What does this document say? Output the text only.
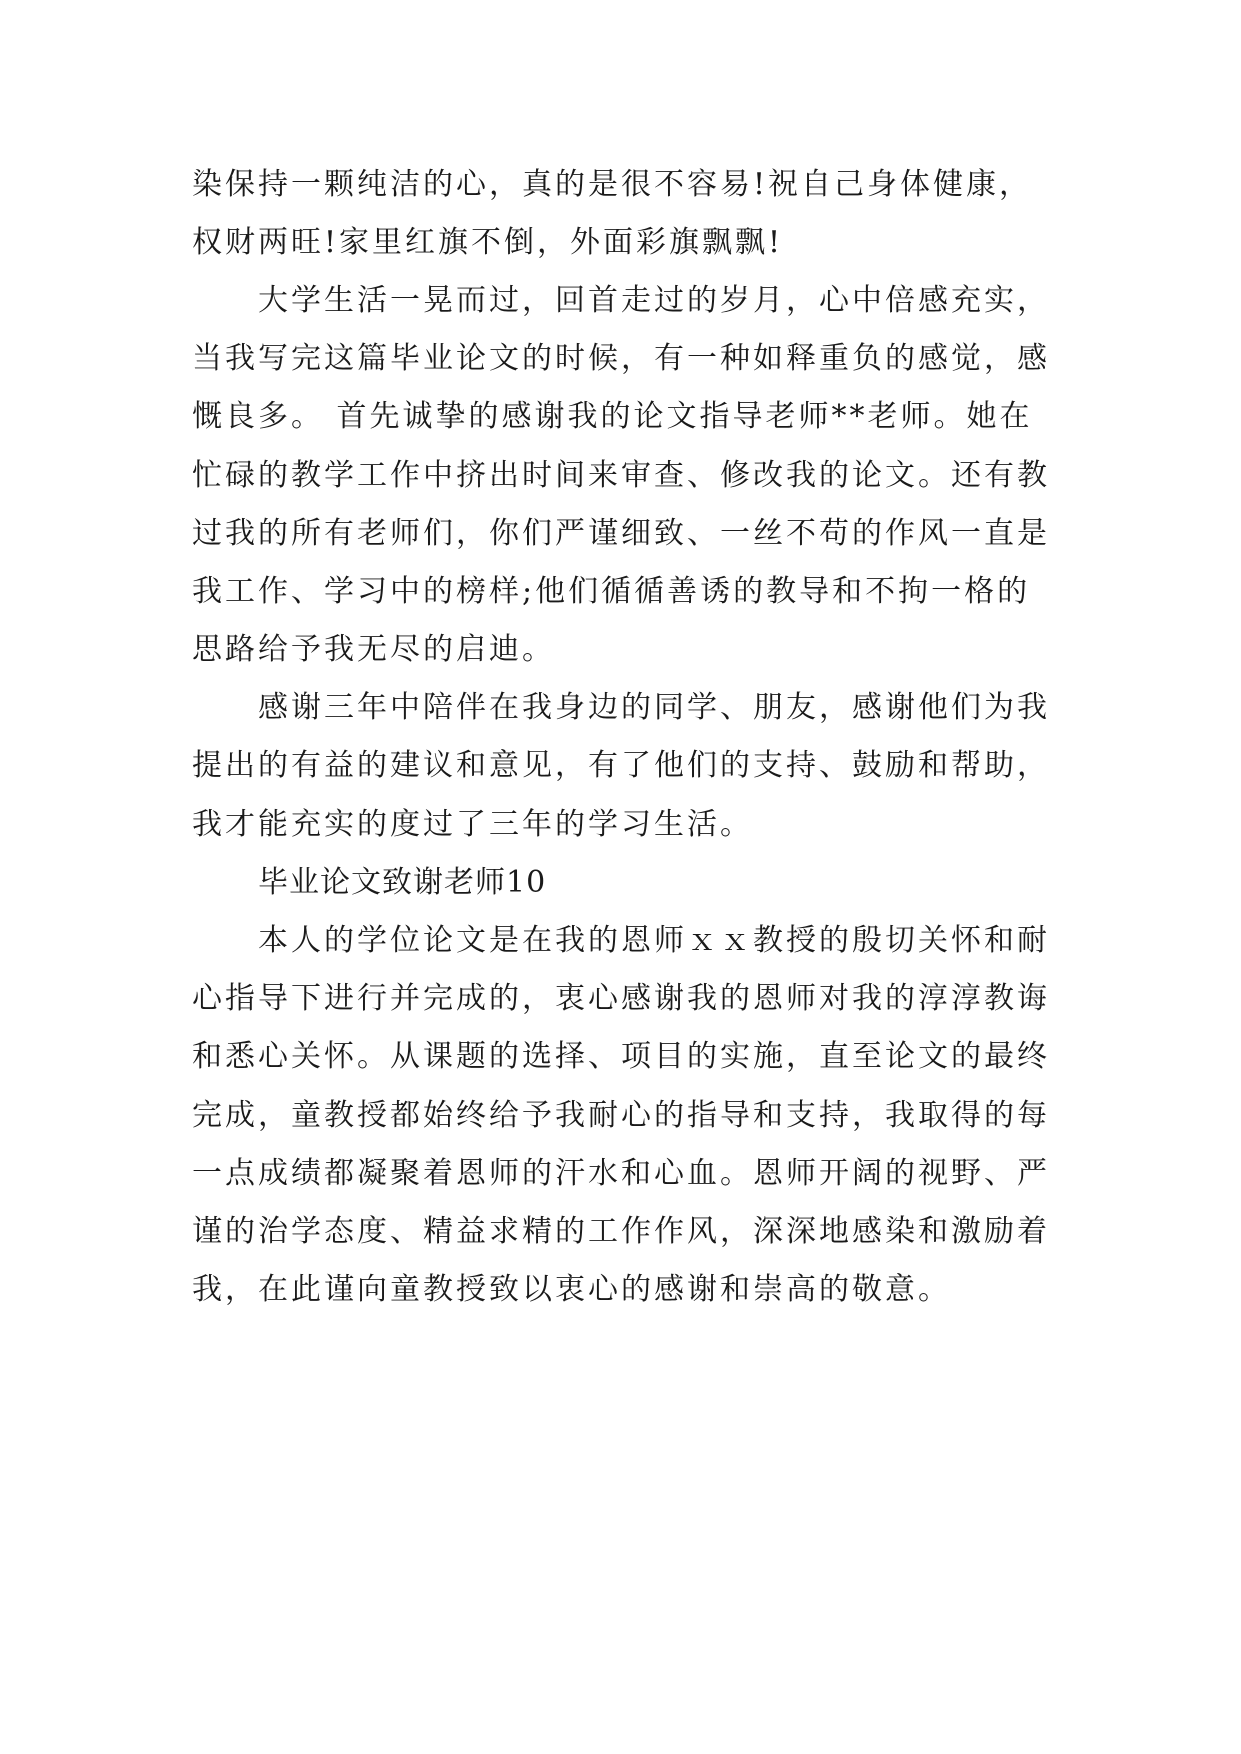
染保持一颗纯洁的心，真的是很不容易!祝自己身体健康，

权财两旺!家里红旗不倒，外面彩旗飘飘!

大学生活一晃而过，回首走过的岁月，心中倍感充实，

当我写完这篇毕业论文的时候，有一种如释重负的感觉，感

慨良多。 首先诚挚的感谢我的论文指导老师**老师。她在

忙碌的教学工作中挤出时间来审查、修改我的论文。还有教

过我的所有老师们，你们严谨细致、一丝不苟的作风一直是

我工作、学习中的榜样;他们循循善诱的教导和不拘一格的

思路给予我无尽的启迪。

感谢三年中陪伴在我身边的同学、朋友，感谢他们为我

提出的有益的建议和意见，有了他们的支持、鼓励和帮助，

我才能充实的度过了三年的学习生活。

毕业论文致谢老师10

本人的学位论文是在我的恩师ｘｘ教授的殷切关怀和耐

心指导下进行并完成的，衷心感谢我的恩师对我的淳淳教诲

和悉心关怀。从课题的选择、项目的实施，直至论文的最终

完成，童教授都始终给予我耐心的指导和支持，我取得的每

一点成绩都凝聚着恩师的汗水和心血。恩师开阔的视野、严

谨的治学态度、精益求精的工作作风，深深地感染和激励着

我，在此谨向童教授致以衷心的感谢和崇高的敬意。
